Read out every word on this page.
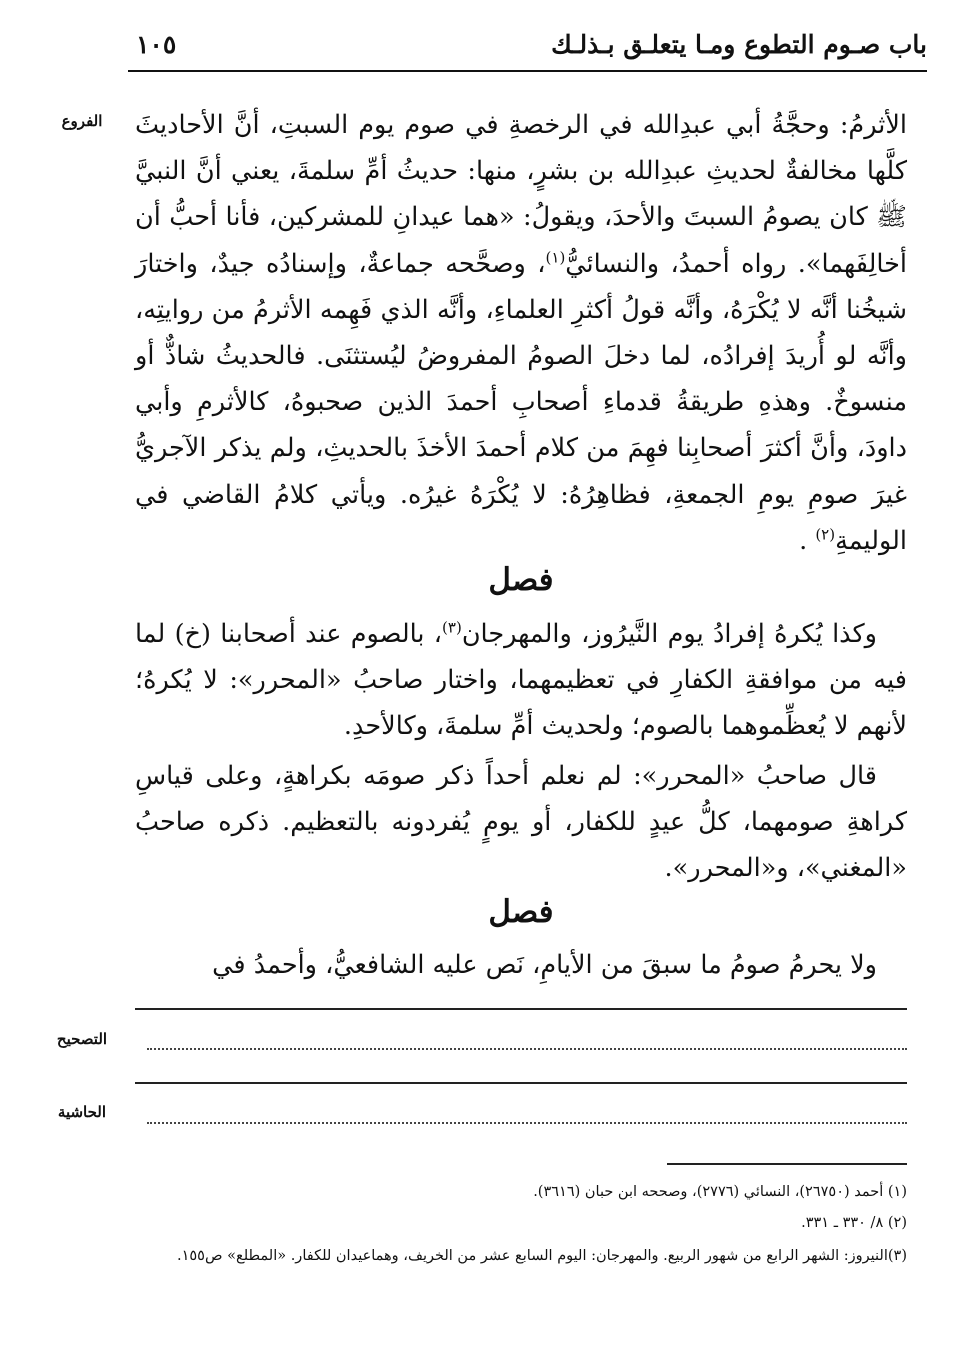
باب صـوم التطوع ومـا يتعلـق بـذلـك
١٠٥
الفروع	الأثرمُ: وحجَّةُ أبي عبدِالله في الرخصةِ في صوم يوم السبتِ، أنَّ الأحاديثَ كلَّها مخالفةٌ لحديثِ عبدِالله بن بشرٍ، منها: حديثُ أمِّ سلمةَ، يعني أنَّ النبيَّ ﷺ كان يصومُ السبتَ والأحدَ، ويقولُ: «هما عيدانِ للمشركين، فأنا أحبُّ أن أخالِفَهما». رواه أحمدُ، والنسائيُّ$^{(١)}$، وصحَّحه جماعةٌ، وإسنادُه جيدٌ، واختارَ شيخُنا أنَّه لا يُكْرَهُ، وأنَّه قولُ أكثرِ العلماءِ، وأنَّه الذي فَهِمه الأثرمُ من روايتِه، وأنَّه لو أُريدَ إفرادُه، لما دخلَ الصومُ المفروضُ ليُستثنَى. فالحديثُ شاذٌّ أو منسوخٌ. وهذهِ طريقةُ قدماءِ أصحابِ أحمدَ الذين صحبوهُ، كالأثرمِ وأبي داودَ، وأنَّ أكثرَ أصحابِنا فهِمَ من كلام أحمدَ الأخذَ بالحديثِ، ولم يذكر الآجريُّ غيرَ صومِ يومِ الجمعةِ، فظاهِرُهُ: لا يُكْرَهُ غيرُه. ويأتي كلامُ القاضي في الوليمةِ$^{(٢)}$ .
فصل
وكذا يُكرهُ إفرادُ يوم النَّيرُوز، والمهرجان$^{(٣)}$، بالصوم عند أصحابنا (خ) لما فيه من موافقةِ الكفارِ في تعظيمهما، واختار صاحبُ «المحرر»: لا يُكرهُ؛ لأنهم لا يُعظِّموهما بالصوم؛ ولحديث أمِّ سلمةَ، وكالأحدِ.
قال صاحبُ «المحرر»: لم نعلم أحداً ذكر صومَه بكراهةٍ، وعلى قياسِ كراهةِ صومهما، كلُّ عيدٍ للكفار، أو يومٍ يُفردونه بالتعظيم. ذكره صاحبُ «المغني»، و«المحرر».
فصل
ولا يحرمُ صومُ ما سبقَ من الأيامِ، نَص عليه الشافعيُّ، وأحمدُ في
التصحيح
الحاشية
(١) أحمد (٢٦٧٥٠)، النسائي (٢٧٧٦)، وصححه ابن حبان (٣٦١٦).
(٢) ٨/ ٣٣٠ ـ ٣٣١.
(٣)النيروز: الشهر الرابع من شهور الربيع. والمهرجان: اليوم السابع عشر من الخريف، وهماعيدان للكفار. «المطلع» ص١٥٥.
